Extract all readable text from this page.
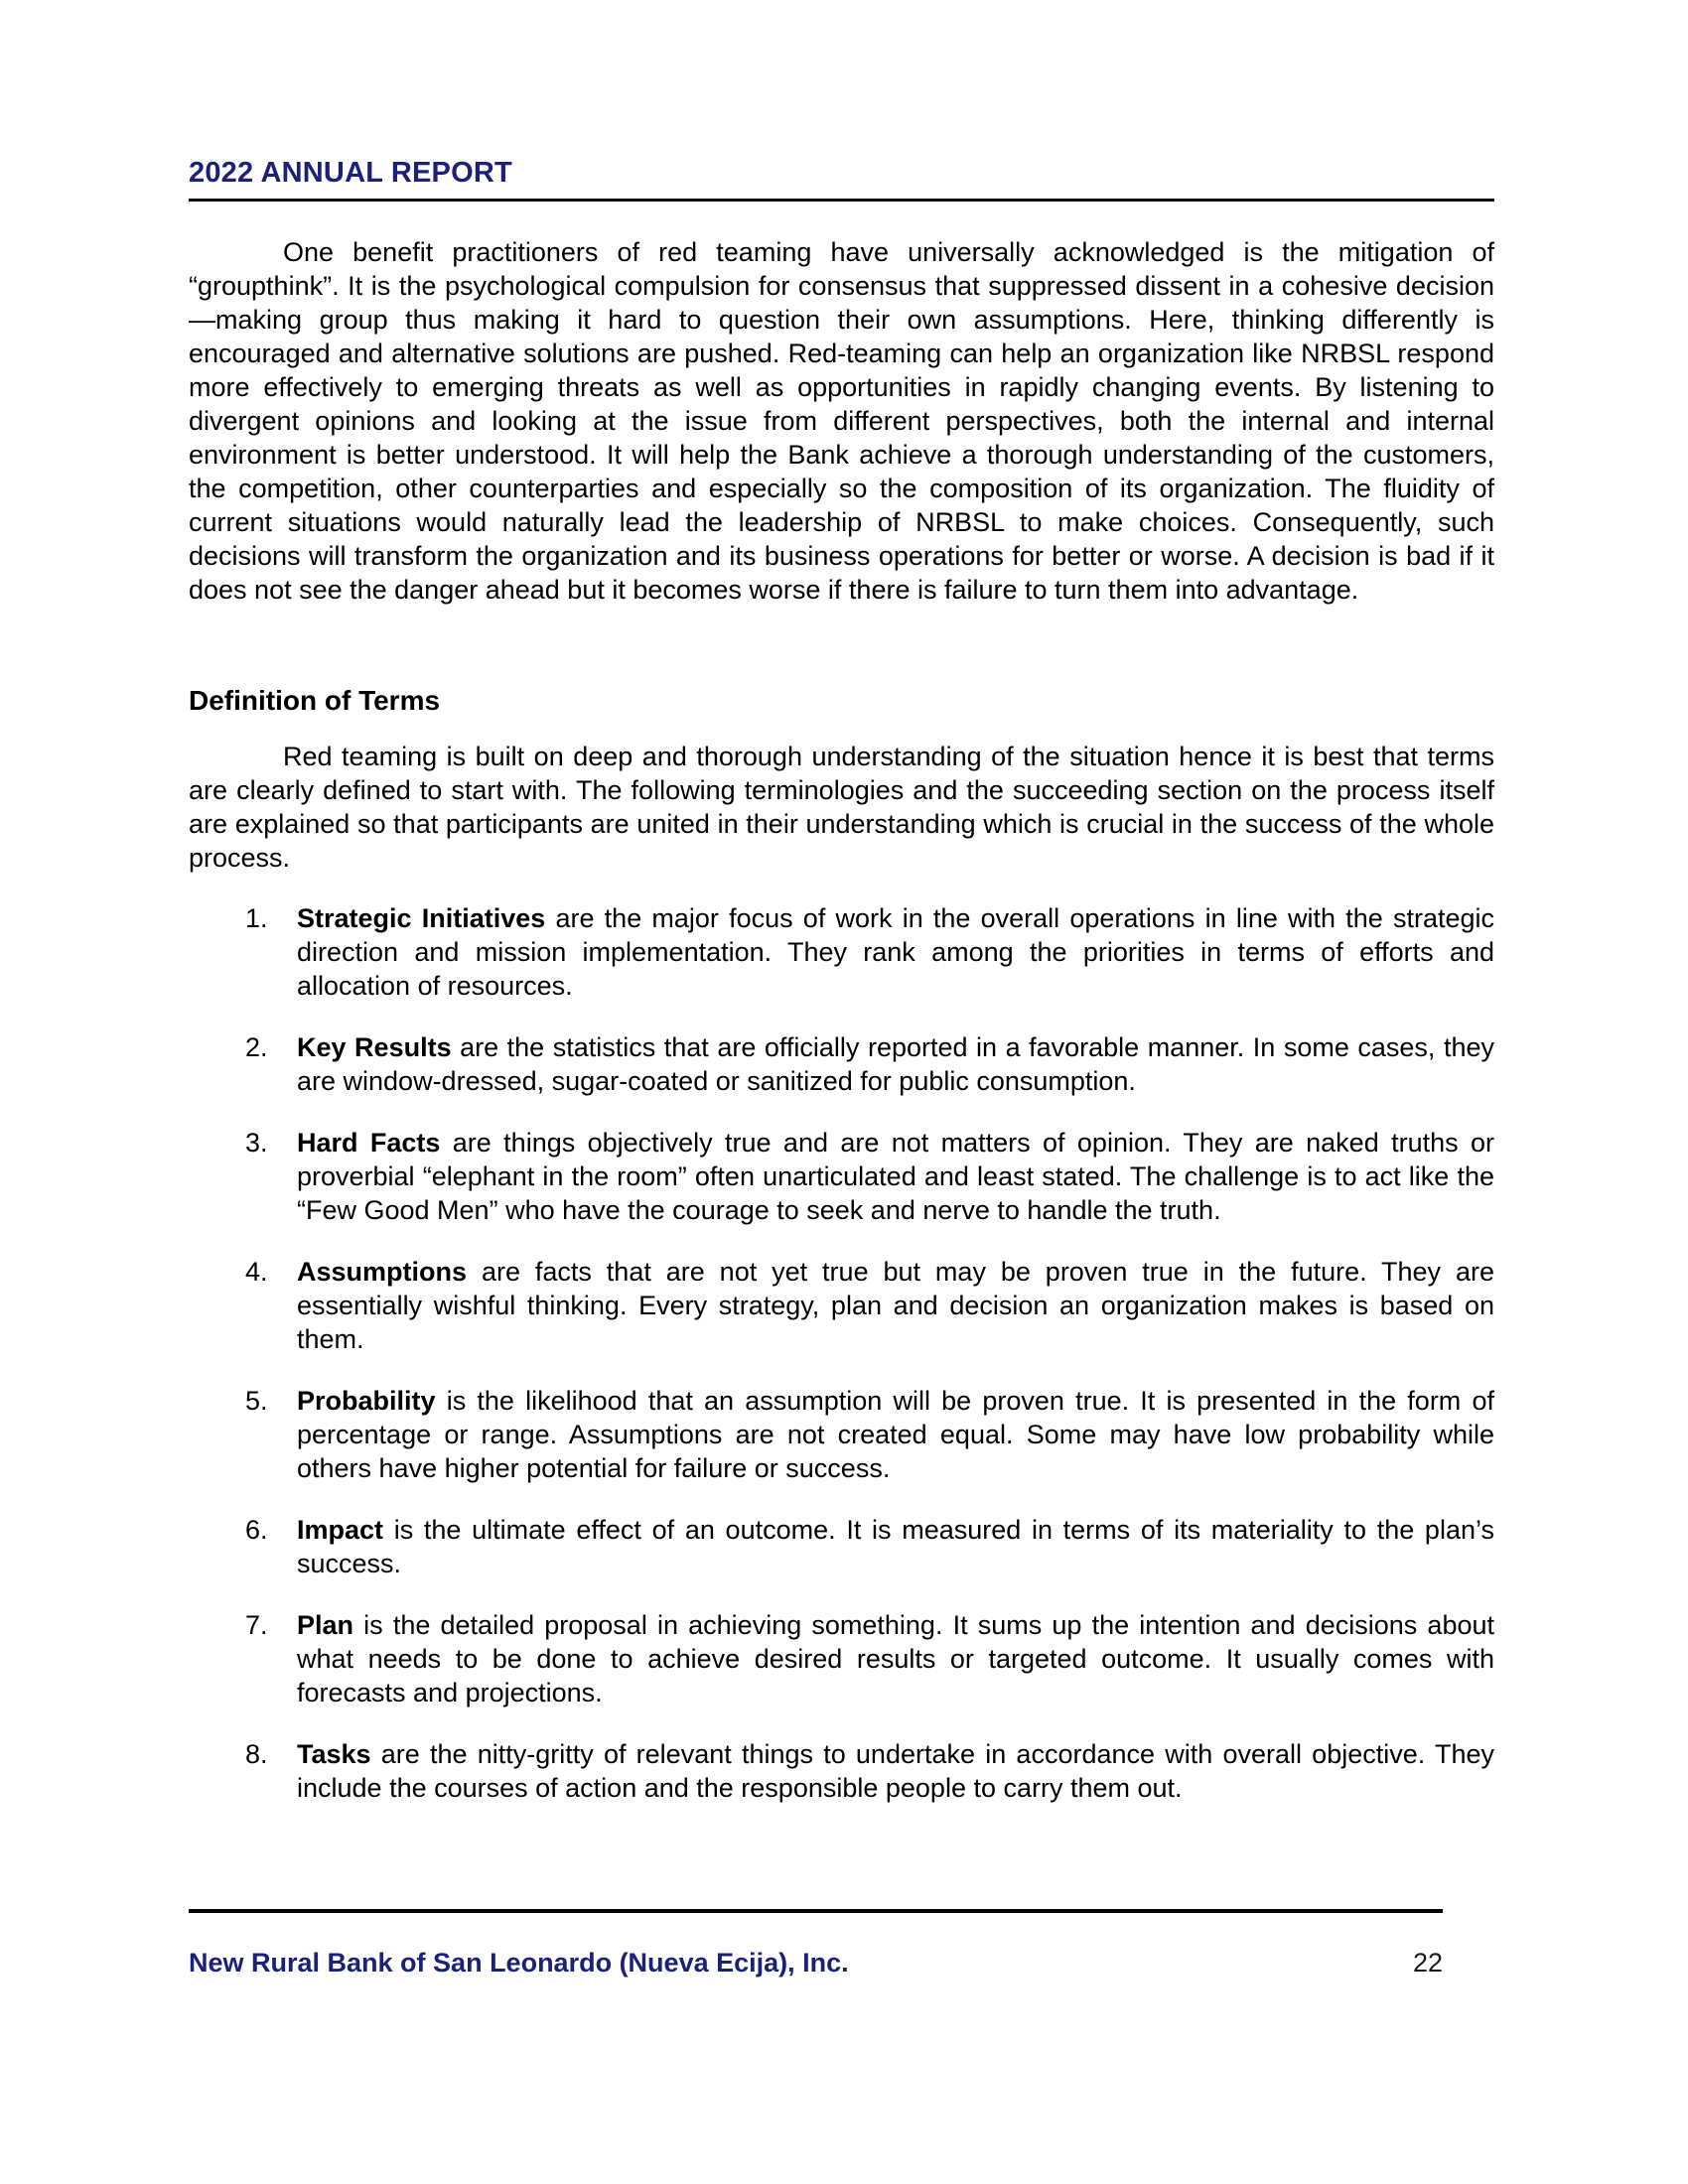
2022 ANNUAL REPORT

One benefit practitioners of red teaming have universally acknowledged is the mitigation of “groupthink”. It is the psychological compulsion for consensus that suppressed dissent in a cohesive decision—making group thus making it hard to question their own assumptions. Here, thinking differently is encouraged and alternative solutions are pushed. Red-teaming can help an organization like NRBSL respond more effectively to emerging threats as well as opportunities in rapidly changing events. By listening to divergent opinions and looking at the issue from different perspectives, both the internal and internal environment is better understood. It will help the Bank achieve a thorough understanding of the customers, the competition, other counterparties and especially so the composition of its organization. The fluidity of current situations would naturally lead the leadership of NRBSL to make choices. Consequently, such decisions will transform the organization and its business operations for better or worse. A decision is bad if it does not see the danger ahead but it becomes worse if there is failure to turn them into advantage.

Definition of Terms

Red teaming is built on deep and thorough understanding of the situation hence it is best that terms are clearly defined to start with. The following terminologies and the succeeding section on the process itself are explained so that participants are united in their understanding which is crucial in the success of the whole process.

1.	Strategic Initiatives are the major focus of work in the overall operations in line with the strategic direction and mission implementation. They rank among the priorities in terms of efforts and allocation of resources.

2.	Key Results are the statistics that are officially reported in a favorable manner. In some cases, they are window-dressed, sugar-coated or sanitized for public consumption.

3.	Hard Facts are things objectively true and are not matters of opinion. They are naked truths or proverbial “elephant in the room” often unarticulated and least stated. The challenge is to act like the “Few Good Men” who have the courage to seek and nerve to handle the truth.

4.	Assumptions are facts that are not yet true but may be proven true in the future. They are essentially wishful thinking. Every strategy, plan and decision an organization makes is based on them.

5.	Probability is the likelihood that an assumption will be proven true. It is presented in the form of percentage or range. Assumptions are not created equal. Some may have low probability while others have higher potential for failure or success.

6.	Impact is the ultimate effect of an outcome. It is measured in terms of its materiality to the plan’s success.

7.	Plan is the detailed proposal in achieving something. It sums up the intention and decisions about what needs to be done to achieve desired results or targeted outcome. It usually comes with forecasts and projections.

8.	Tasks are the nitty-gritty of relevant things to undertake in accordance with overall objective. They include the courses of action and the responsible people to carry them out.

New Rural Bank of San Leonardo (Nueva Ecija), Inc.	22
